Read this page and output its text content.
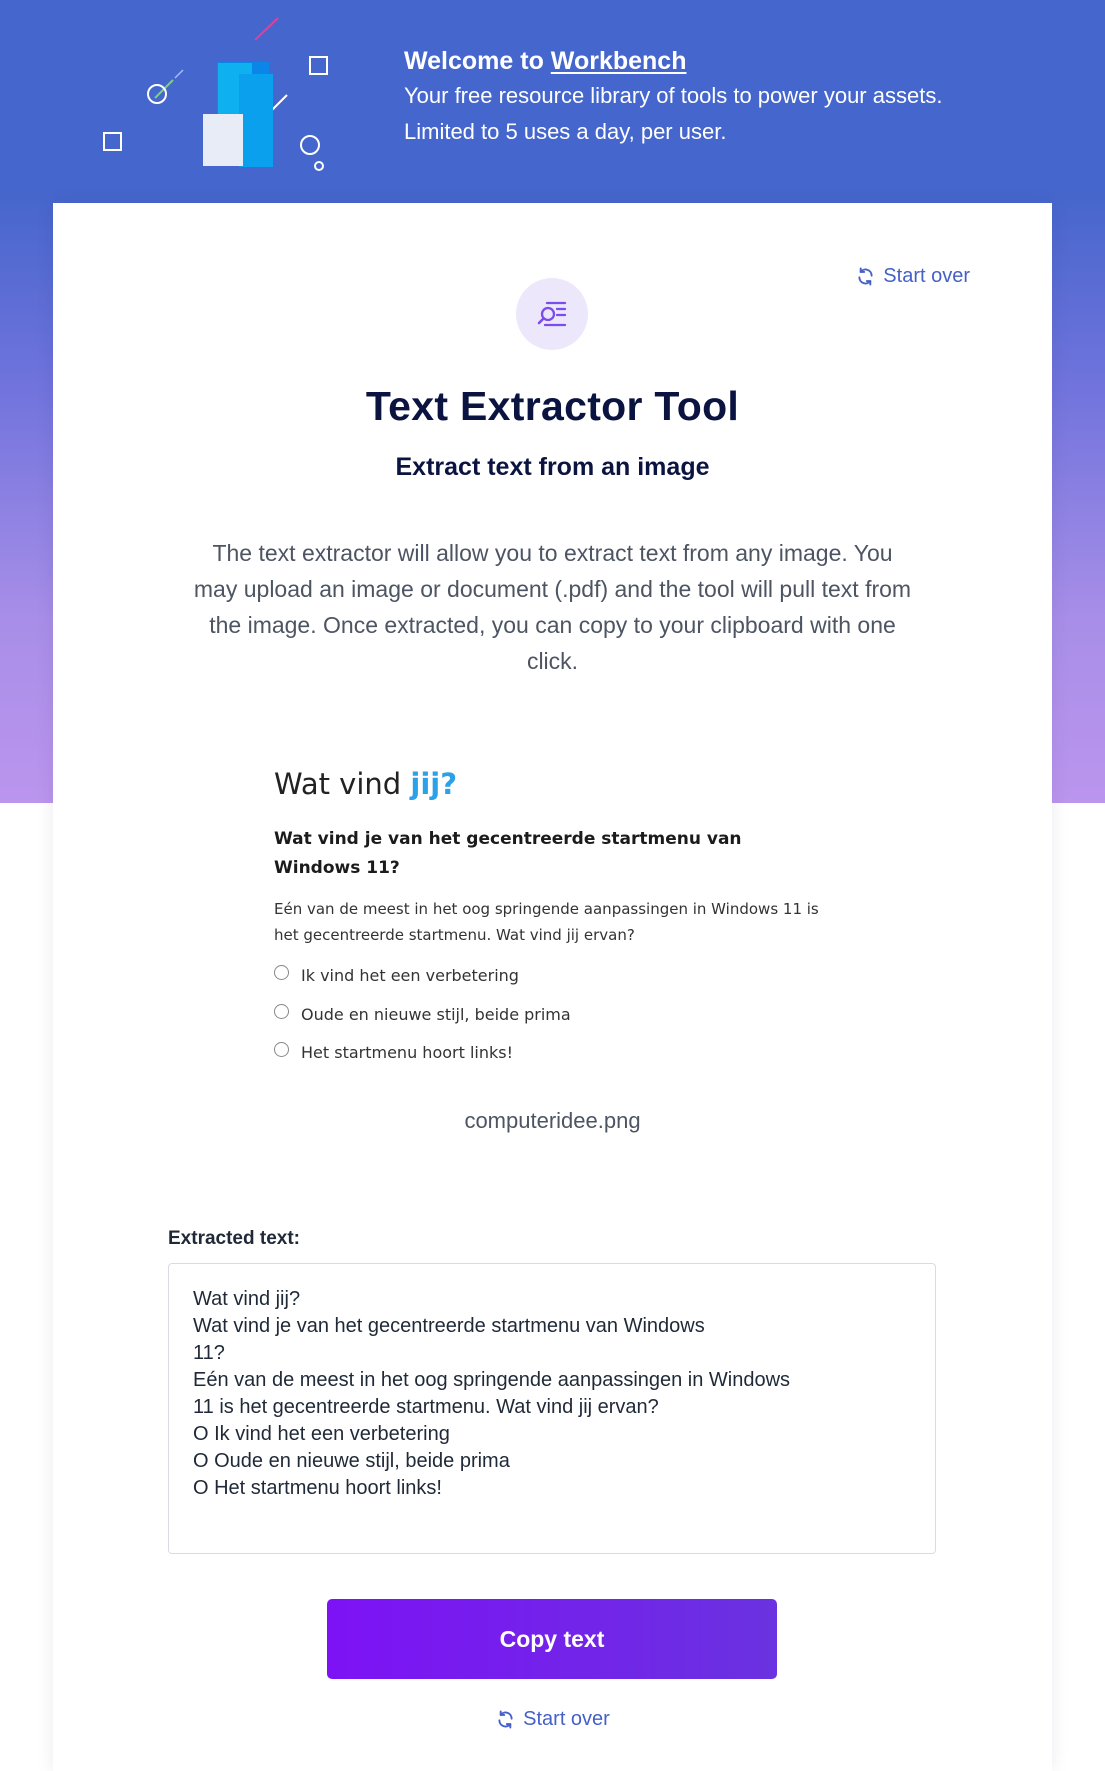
Welcome to Workbench
Your free resource library of tools to power your assets.
Limited to 5 uses a day, per user.
Start over
Text Extractor Tool
Extract text from an image
The text extractor will allow you to extract text from any image. You may upload an image or document (.pdf) and the tool will pull text from the image. Once extracted, you can copy to your clipboard with one click.
Wat vind jij?
Wat vind je van het gecentreerde startmenu van Windows 11?
Eén van de meest in het oog springende aanpassingen in Windows 11 is het gecentreerde startmenu. Wat vind jij ervan?
Ik vind het een verbetering
Oude en nieuwe stijl, beide prima
Het startmenu hoort links!
computeridee.png
Extracted text:
Wat vind jij?
Wat vind je van het gecentreerde startmenu van Windows
11?
Eén van de meest in het oog springende aanpassingen in Windows
11 is het gecentreerde startmenu. Wat vind jij ervan?
O Ik vind het een verbetering
O Oude en nieuwe stijl, beide prima
O Het startmenu hoort links!
Copy text
Start over
